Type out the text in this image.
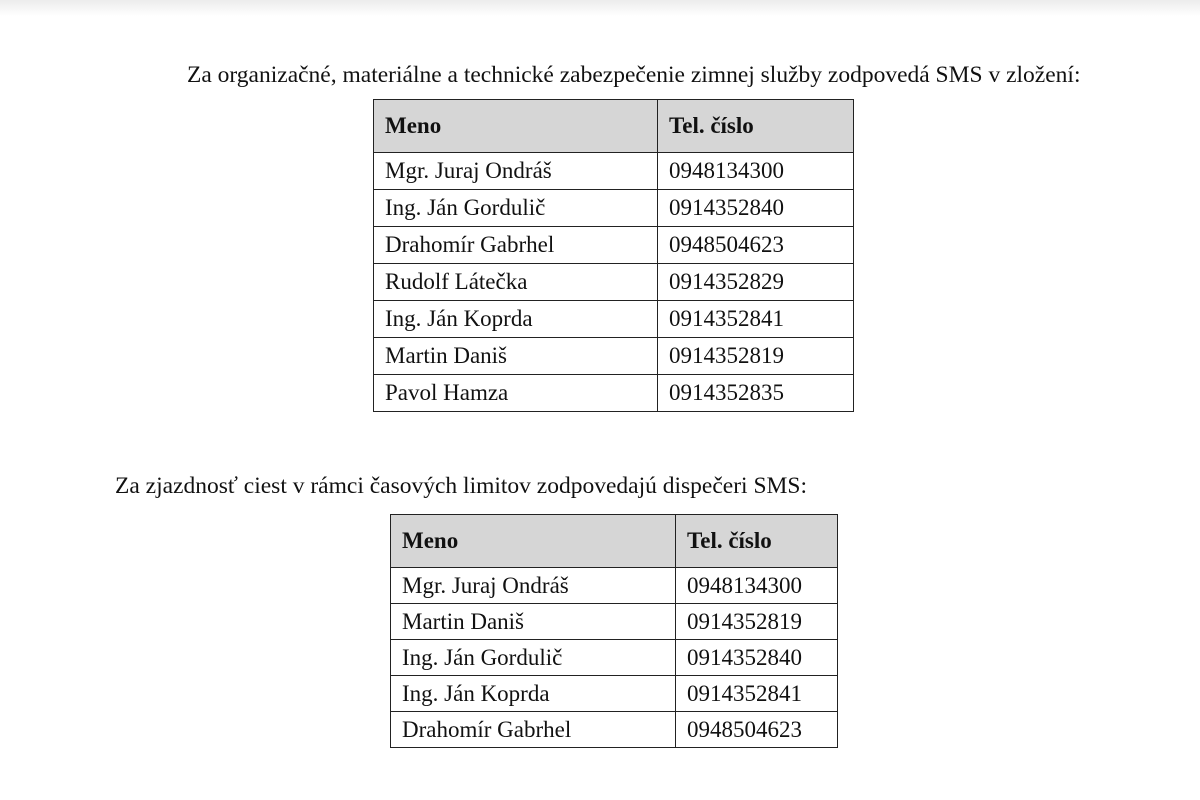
Za organizačné, materiálne a technické zabezpečenie zimnej služby zodpovedá SMS v zložení:

Meno	Tel. číslo
Mgr. Juraj Ondráš	0948134300
Ing. Ján Gordulič	0914352840
Drahomír Gabrhel	0948504623
Rudolf Látečka	0914352829
Ing. Ján Koprda	0914352841
Martin Daniš	0914352819
Pavol Hamza	0914352835

Za zjazdnosť ciest v rámci časových limitov zodpovedajú dispečeri SMS:

Meno	Tel. číslo
Mgr. Juraj Ondráš	0948134300
Martin Daniš	0914352819
Ing. Ján Gordulič	0914352840
Ing. Ján Koprda	0914352841
Drahomír Gabrhel	0948504623
